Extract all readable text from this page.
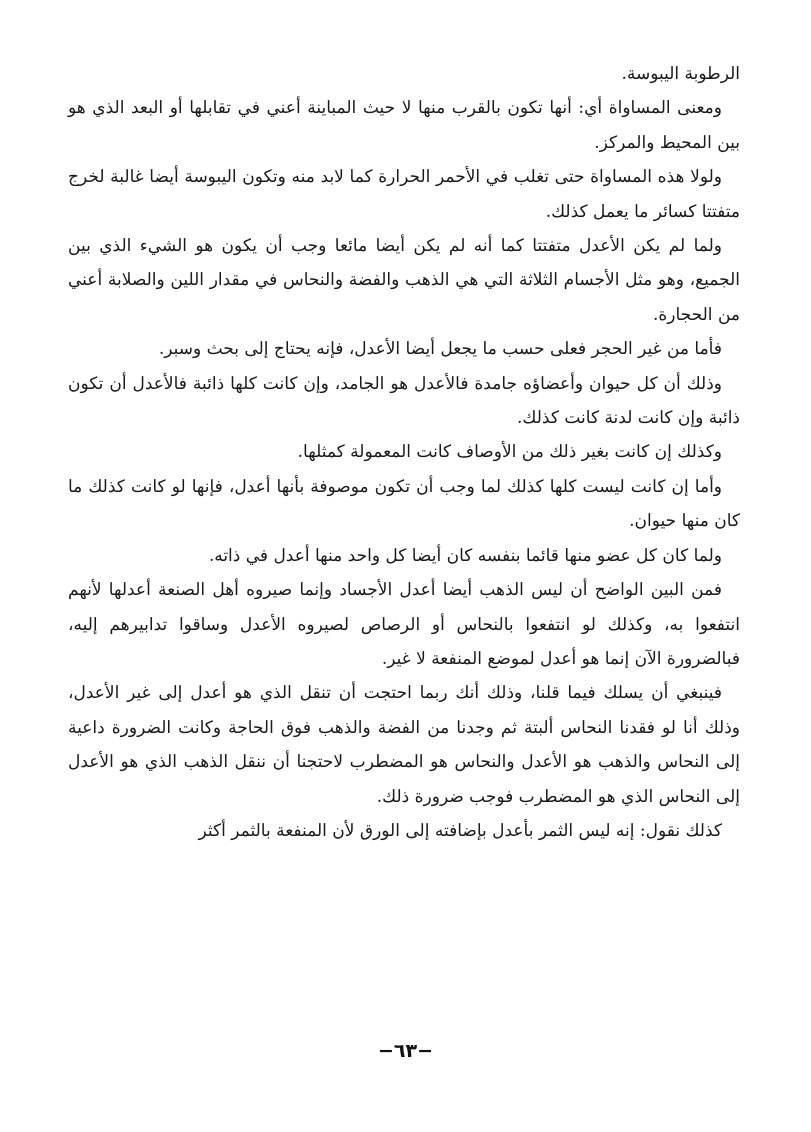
الرطوبة اليبوسة.

ومعنى المساواة أي: أنها تكون بالقرب منها لا حيث المباينة أعني في تقابلها أو البعد الذي هو بين المحيط والمركز.

ولولا هذه المساواة حتى تغلب في الأحمر الحرارة كما لابد منه وتكون اليبوسة أيضا غالبة لخرج متفتتا كسائر ما يعمل كذلك.

ولما لم يكن الأعدل متفتتا كما أنه لم يكن أيضا مائعا وجب أن يكون هو الشيء الذي بين الجميع، وهو مثل الأجسام الثلاثة التي هي الذهب والفضة والنحاس في مقدار اللين والصلابة أعني من الحجارة.

فأما من غير الحجر فعلى حسب ما يجعل أيضا الأعدل، فإنه يحتاج إلى بحث وسبر.

وذلك أن كل حيوان وأعضاؤه جامدة فالأعدل هو الجامد، وإن كانت كلها ذائبة فالأعدل أن تكون ذائبة وإن كانت لدنة كانت كذلك.

وكذلك إن كانت بغير ذلك من الأوصاف كانت المعمولة كمثلها.

وأما إن كانت ليست كلها كذلك لما وجب أن تكون موصوفة بأنها أعدل، فإنها لو كانت كذلك ما كان منها حيوان.

ولما كان كل عضو منها قائما بنفسه كان أيضا كل واحد منها أعدل في ذاته.

فمن البين الواضح أن ليس الذهب أيضا أعدل الأجساد وإنما صيروه أهل الصنعة أعدلها لأنهم انتفعوا به، وكذلك لو انتفعوا بالنحاس أو الرصاص لصيروه الأعدل وساقوا تدابيرهم إليه، فبالضرورة الآن إنما هو أعدل لموضع المنفعة لا غير.

فينبغي أن يسلك فيما قلنا، وذلك أنك ربما احتجت أن تنقل الذي هو أعدل إلى غير الأعدل، وذلك أنا لو فقدنا النحاس ألبتة ثم وجدنا من الفضة والذهب فوق الحاجة وكانت الضرورة داعية إلى النحاس والذهب هو الأعدل والنحاس هو المضطرب لاحتجنا أن ننقل الذهب الذي هو الأعدل إلى النحاس الذي هو المضطرب فوجب ضرورة ذلك.

كذلك نقول: إنه ليس الثمر بأعدل بإضافته إلى الورق لأن المنفعة بالثمر أكثر

−٦٣−
